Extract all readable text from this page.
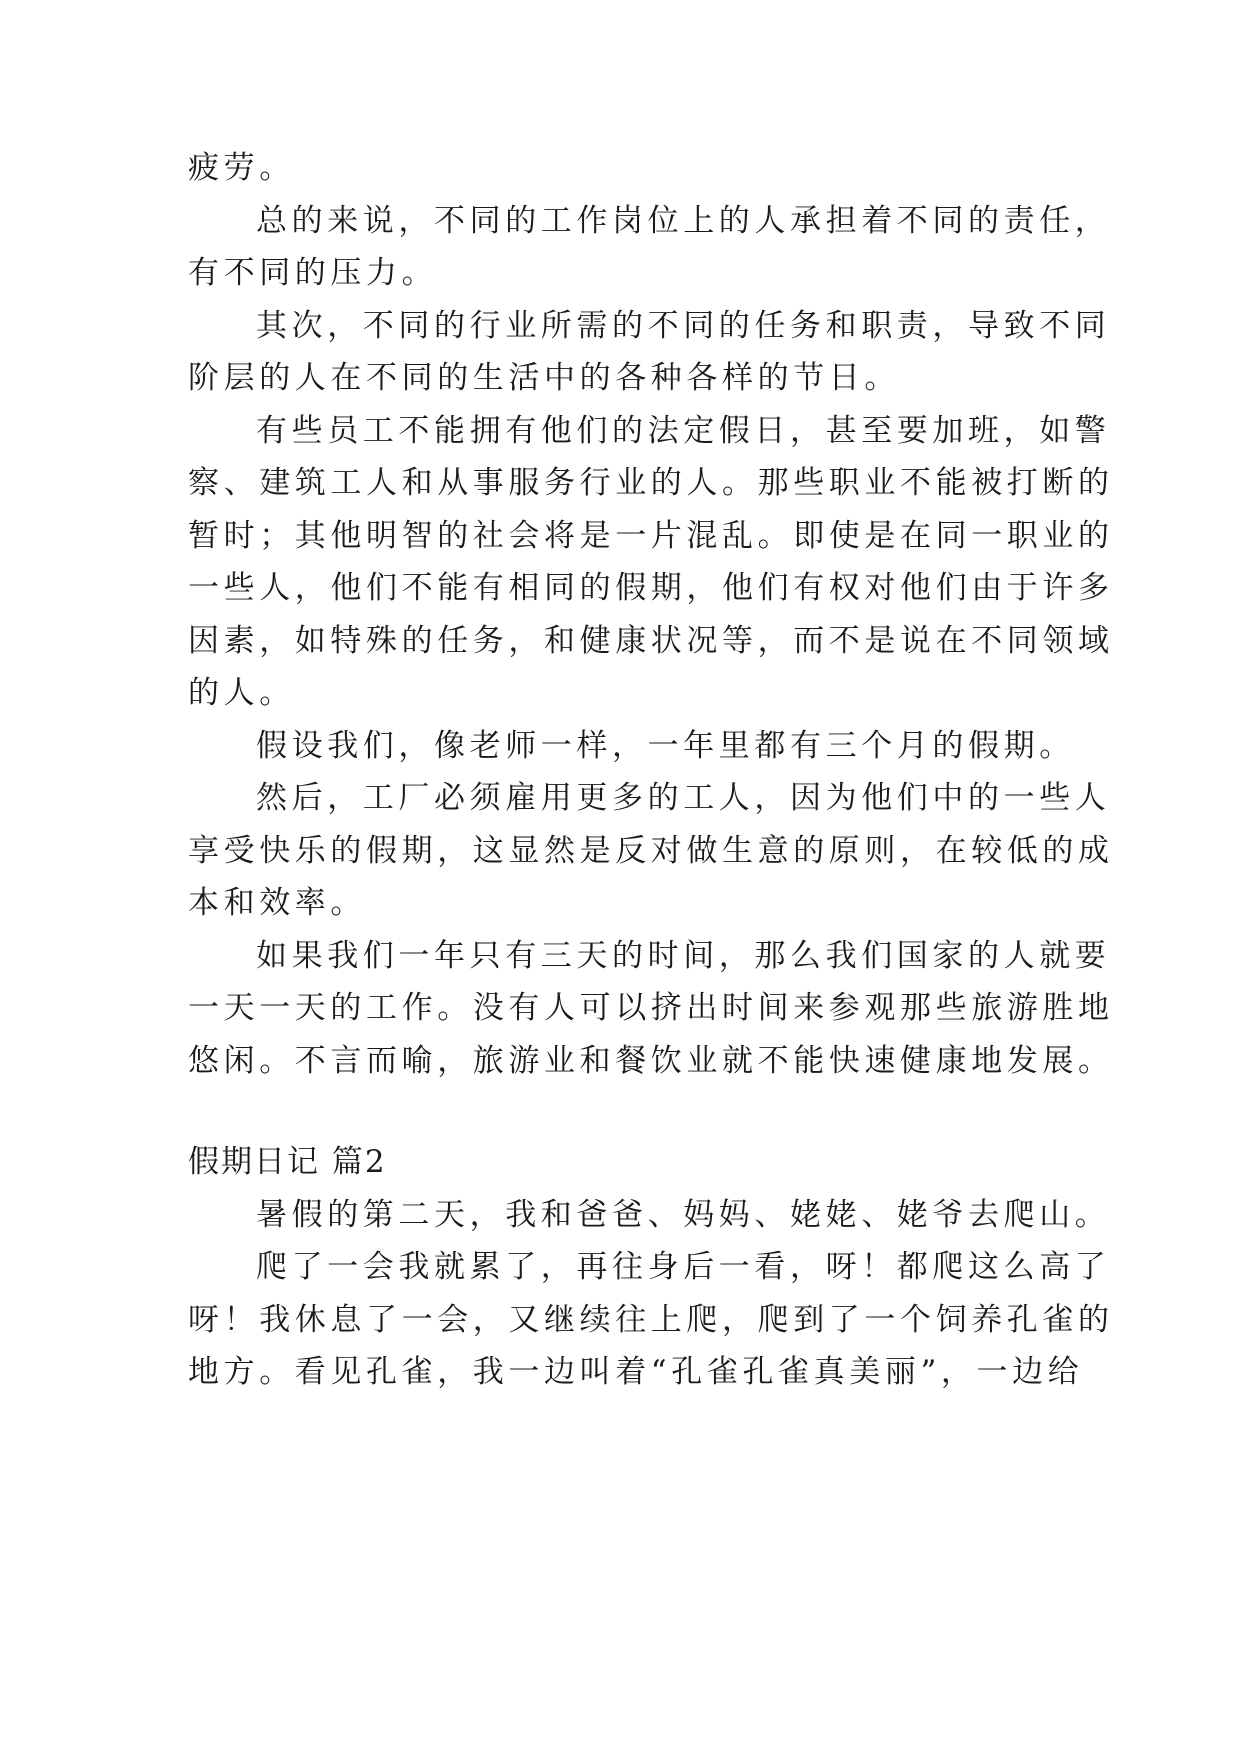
疲劳。
总的来说，不同的工作岗位上的人承担着不同的责任，
有不同的压力。
其次，不同的行业所需的不同的任务和职责，导致不同
阶层的人在不同的生活中的各种各样的节日。
有些员工不能拥有他们的法定假日，甚至要加班，如警
察、建筑工人和从事服务行业的人。那些职业不能被打断的
暂时；其他明智的社会将是一片混乱。即使是在同一职业的
一些人，他们不能有相同的假期，他们有权对他们由于许多
因素，如特殊的任务，和健康状况等，而不是说在不同领域
的人。
假设我们，像老师一样，一年里都有三个月的假期。
然后，工厂必须雇用更多的工人，因为他们中的一些人
享受快乐的假期，这显然是反对做生意的原则，在较低的成
本和效率。
如果我们一年只有三天的时间，那么我们国家的人就要
一天一天的工作。没有人可以挤出时间来参观那些旅游胜地
悠闲。不言而喻，旅游业和餐饮业就不能快速健康地发展。
假期日记 篇2
暑假的第二天，我和爸爸、妈妈、姥姥、姥爷去爬山。
爬了一会我就累了，再往身后一看，呀！都爬这么高了
呀！我休息了一会，又继续往上爬，爬到了一个饲养孔雀的
地方。看见孔雀，我一边叫着“孔雀孔雀真美丽”，一边给
